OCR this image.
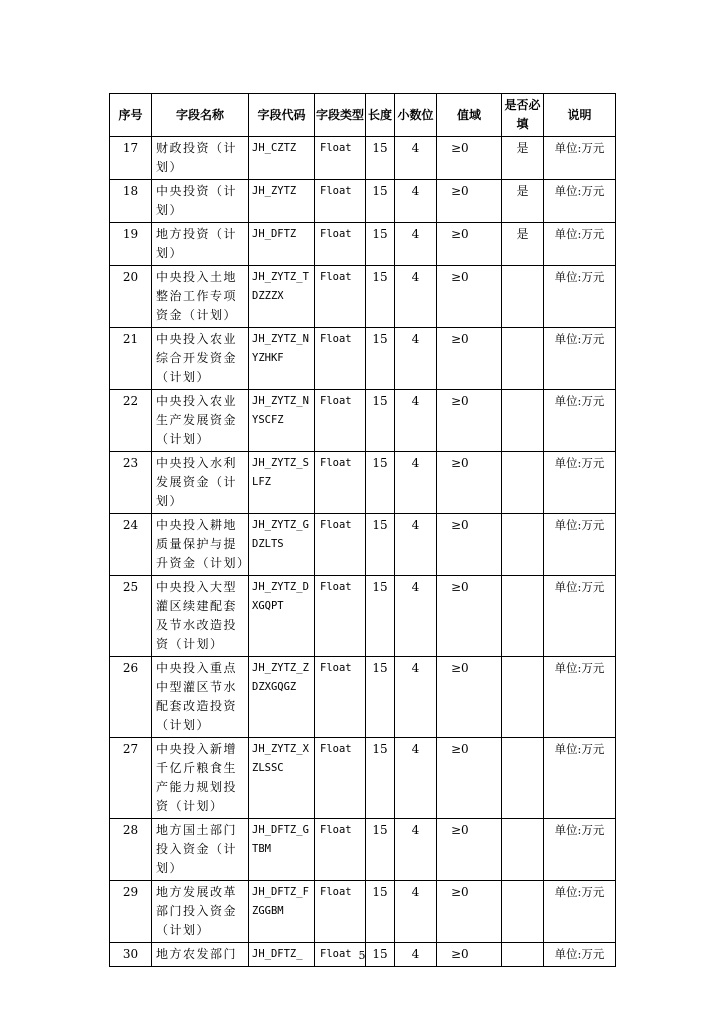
序号	字段名称	字段代码	字段类型	长度	小数位	值域	是否必填	说明
17	财政投资（计划）	JH_CZTZ	Float	15	4	≥0	是	单位:万元
18	中央投资（计划）	JH_ZYTZ	Float	15	4	≥0	是	单位:万元
19	地方投资（计划）	JH_DFTZ	Float	15	4	≥0	是	单位:万元
20	中央投入土地整治工作专项资金（计划）	JH_ZYTZ_TDZZZX	Float	15	4	≥0		单位:万元
21	中央投入农业综合开发资金（计划）	JH_ZYTZ_NYZHKF	Float	15	4	≥0		单位:万元
22	中央投入农业生产发展资金（计划）	JH_ZYTZ_NYSCFZ	Float	15	4	≥0		单位:万元
23	中央投入水利发展资金（计划）	JH_ZYTZ_SLFZ	Float	15	4	≥0		单位:万元
24	中央投入耕地质量保护与提升资金（计划）	JH_ZYTZ_GDZLTS	Float	15	4	≥0		单位:万元
25	中央投入大型灌区续建配套及节水改造投资（计划）	JH_ZYTZ_DXGQPT	Float	15	4	≥0		单位:万元
26	中央投入重点中型灌区节水配套改造投资（计划）	JH_ZYTZ_ZDZXGQGZ	Float	15	4	≥0		单位:万元
27	中央投入新增千亿斤粮食生产能力规划投资（计划）	JH_ZYTZ_XZLSSC	Float	15	4	≥0		单位:万元
28	地方国土部门投入资金（计划）	JH_DFTZ_GTBM	Float	15	4	≥0		单位:万元
29	地方发展改革部门投入资金（计划）	JH_DFTZ_FZGGBM	Float	15	4	≥0		单位:万元
30	地方农发部门	JH_DFTZ_	Float	15	4	≥0		单位:万元
5
